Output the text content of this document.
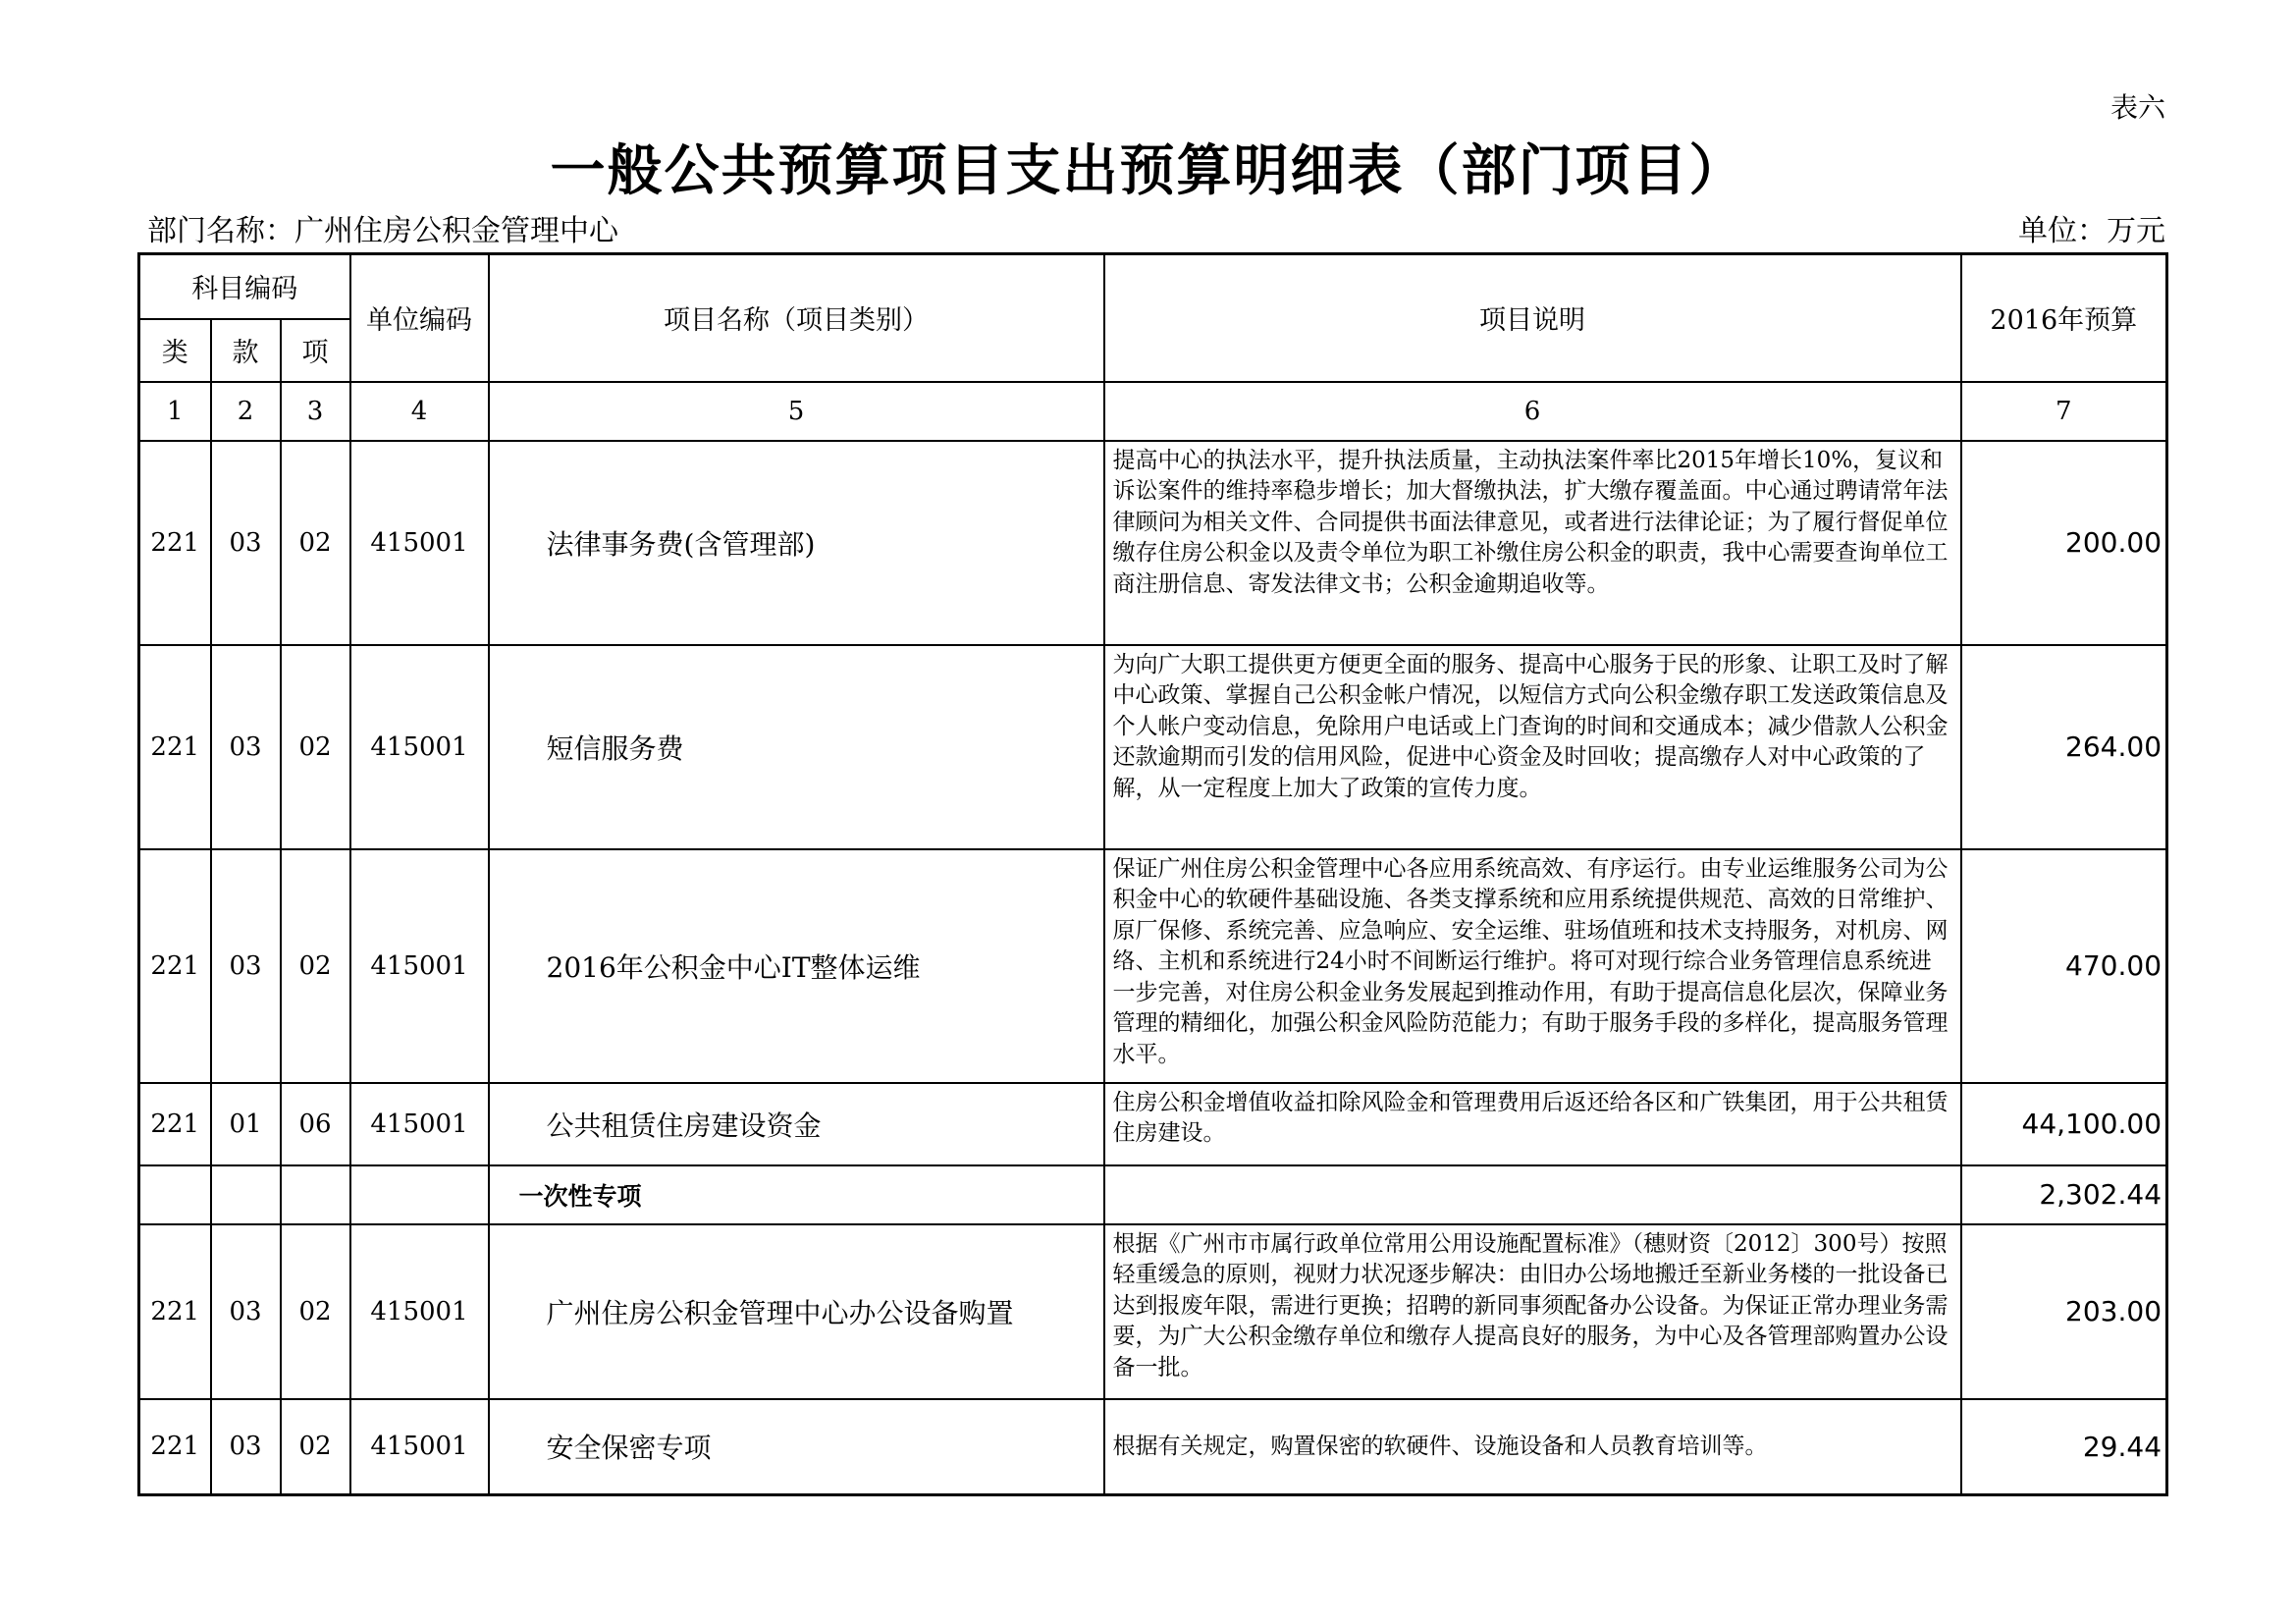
表六
一般公共预算项目支出预算明细表（部门项目）
部门名称：广州住房公积金管理中心	单位：万元
科目编码			单位编码	项目名称（项目类别）	项目说明	2016年预算
类	款	项				
1	2	3	4	5	6	7
221	03	02	415001	法律事务费(含管理部)	提高中心的执法水平，提升执法质量，主动执法案件率比2015年增长10%，复议和诉讼案件的维持率稳步增长；加大督缴执法，扩大缴存覆盖面。中心通过聘请常年法律顾问为相关文件、合同提供书面法律意见，或者进行法律论证；为了履行督促单位缴存住房公积金以及责令单位为职工补缴住房公积金的职责，我中心需要查询单位工商注册信息、寄发法律文书；公积金逾期追收等。	200.00
221	03	02	415001	短信服务费	为向广大职工提供更方便更全面的服务、提高中心服务于民的形象、让职工及时了解中心政策、掌握自己公积金帐户情况，以短信方式向公积金缴存职工发送政策信息及个人帐户变动信息，免除用户电话或上门查询的时间和交通成本；减少借款人公积金还款逾期而引发的信用风险，促进中心资金及时回收；提高缴存人对中心政策的了解，从一定程度上加大了政策的宣传力度。	264.00
221	03	02	415001	2016年公积金中心IT整体运维	保证广州住房公积金管理中心各应用系统高效、有序运行。由专业运维服务公司为公积金中心的软硬件基础设施、各类支撑系统和应用系统提供规范、高效的日常维护、原厂保修、系统完善、应急响应、安全运维、驻场值班和技术支持服务，对机房、网络、主机和系统进行24小时不间断运行维护。将可对现行综合业务管理信息系统进一步完善，对住房公积金业务发展起到推动作用，有助于提高信息化层次，保障业务管理的精细化，加强公积金风险防范能力；有助于服务手段的多样化，提高服务管理水平。	470.00
221	01	06	415001	公共租赁住房建设资金	住房公积金增值收益扣除风险金和管理费用后返还给各区和广铁集团，用于公共租赁住房建设。	44,100.00
				一次性专项		2,302.44
221	03	02	415001	广州住房公积金管理中心办公设备购置	根据《广州市市属行政单位常用公用设施配置标准》（穗财资〔2012〕300号）按照轻重缓急的原则，视财力状况逐步解决：由旧办公场地搬迁至新业务楼的一批设备已达到报废年限，需进行更换；招聘的新同事须配备办公设备。为保证正常办理业务需要，为广大公积金缴存单位和缴存人提高良好的服务，为中心及各管理部购置办公设备一批。	203.00
221	03	02	415001	安全保密专项	根据有关规定，购置保密的软硬件、设施设备和人员教育培训等。	29.44
